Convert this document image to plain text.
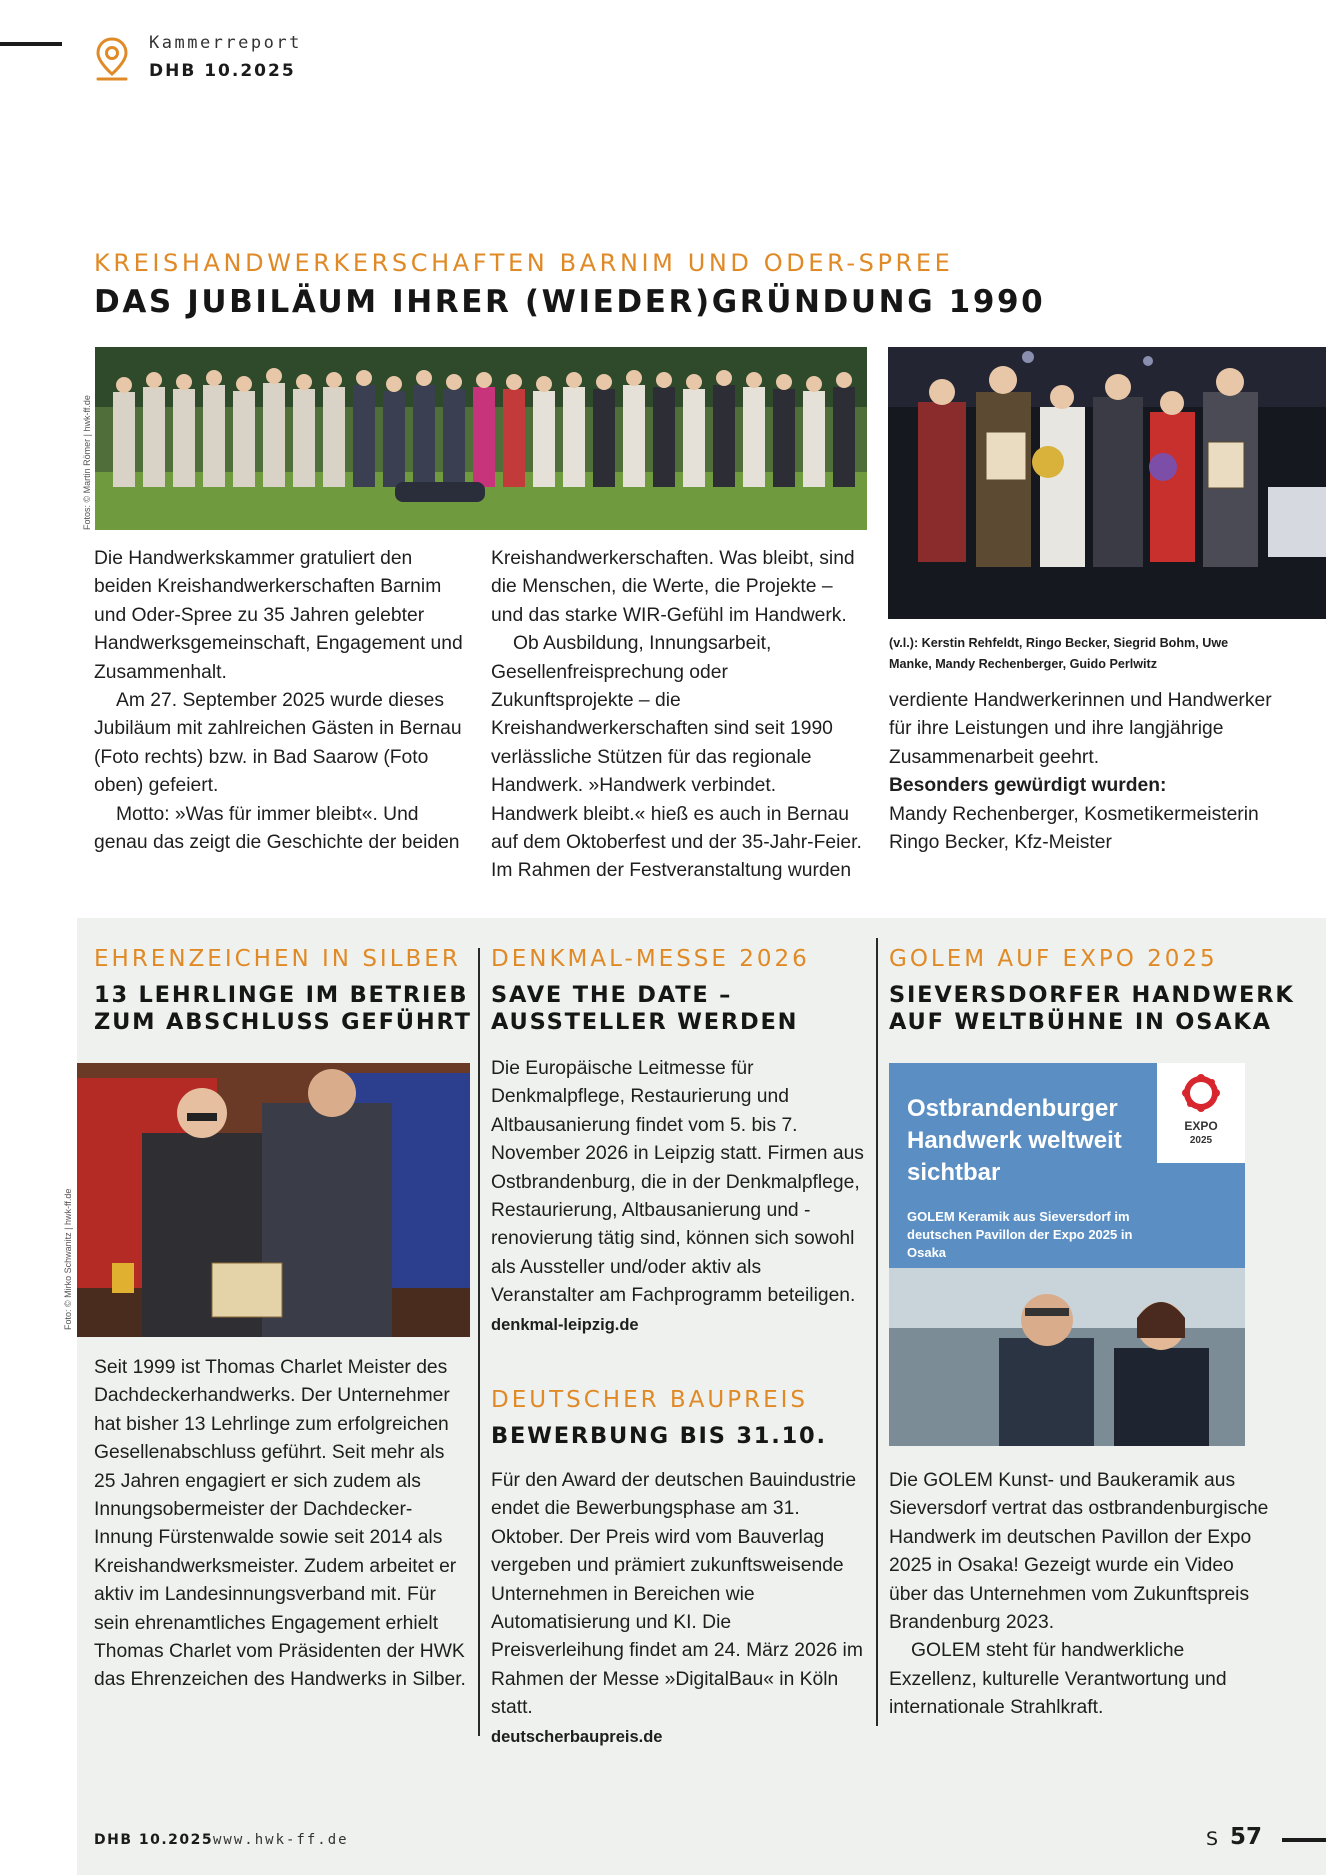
Kammerreport
DHB 10.2025
KREISHANDWERKERSCHAFTEN BARNIM UND ODER-SPREE
DAS JUBILÄUM IHRER (WIEDER)GRÜNDUNG 1990
Fotos: © Martin Römer | hwk-ff.de

Die Handwerkskammer gratuliert den beiden Kreishandwerkerschaften Barnim und Oder-Spree zu 35 Jahren gelebter Handwerksgemeinschaft, Engagement und Zusammenhalt.

Am 27. September 2025 wurde dieses Jubiläum mit zahlreichen Gästen in Bernau (Foto rechts) bzw. in Bad Saarow (Foto oben) gefeiert.

Motto: »Was für immer bleibt«. Und genau das zeigt die Geschichte der beiden

Kreishandwerkerschaften. Was bleibt, sind die Menschen, die Werte, die Projekte – und das starke WIR-Gefühl im Handwerk.

Ob Ausbildung, Innungsarbeit, Gesellenfreisprechung oder Zukunftsprojekte – die Kreishandwerkerschaften sind seit 1990 verlässliche Stützen für das regionale Handwerk. »Handwerk verbindet. Handwerk bleibt.« hieß es auch in Bernau auf dem Oktoberfest und der 35-Jahr-Feier. Im Rahmen der Festveranstaltung wurden

(v.l.): Kerstin Rehfeldt, Ringo Becker, Siegrid Bohm, Uwe Manke, Mandy Rechenberger, Guido Perlwitz

verdiente Handwerkerinnen und Handwerker für ihre Leistungen und ihre langjährige Zusammenarbeit geehrt.

Besonders gewürdigt wurden:

Mandy Rechenberger, Kosmetikermeisterin

Ringo Becker, Kfz-Meister

EHRENZEICHEN IN SILBER
13 LEHRLINGE IM BETRIEB
ZUM ABSCHLUSS GEFÜHRT
Foto: © Mirko Schwanitz | hwk-ff.de
Seit 1999 ist Thomas Charlet Meister des Dachdeckerhandwerks. Der Unternehmer hat bisher 13 Lehrlinge zum erfolgreichen Gesellenabschluss geführt. Seit mehr als 25 Jahren engagiert er sich zudem als Innungsobermeister der Dachdecker-Innung Fürstenwalde sowie seit 2014 als Kreishandwerksmeister. Zudem arbeitet er aktiv im Landesinnungsverband mit. Für sein ehrenamtliches Engagement erhielt Thomas Charlet vom Präsidenten der HWK das Ehrenzeichen des Handwerks in Silber.
DENKMAL-MESSE 2026
SAVE THE DATE –
AUSSTELLER WERDEN

Die Europäische Leitmesse für Denkmalpflege, Restaurierung und Altbausanierung findet vom 5. bis 7. November 2026 in Leipzig statt. Firmen aus Ostbrandenburg, die in der Denkmalpflege, Restaurierung, Altbausanierung und -renovierung tätig sind, können sich sowohl als Aussteller und/oder aktiv als Veranstalter am Fachprogramm beteiligen.

denkmal-leipzig.de

DEUTSCHER BAUPREIS
BEWERBUNG BIS 31.10.

Für den Award der deutschen Bauindustrie endet die Bewerbungsphase am 31. Oktober. Der Preis wird vom Bauverlag vergeben und prämiert zukunftsweisende Unternehmen in Bereichen wie Automatisierung und KI. Die Preisverleihung findet am 24. März 2026 im Rahmen der Messe »DigitalBau« in Köln statt.

deutscherbaupreis.de

GOLEM AUF EXPO 2025
SIEVERSDORFER HANDWERK
AUF WELTBÜHNE IN OSAKA
EXPO
2025
Ostbrandenburger Handwerk weltweit sichtbar
GOLEM Keramik aus Sieversdorf im deutschen Pavillon der Expo 2025 in Osaka

Die GOLEM Kunst- und Baukeramik aus Sieversdorf vertrat das ostbrandenburgische Handwerk im deutschen Pavillon der Expo 2025 in Osaka! Gezeigt wurde ein Video über das Unternehmen vom Zukunftspreis Brandenburg 2023.

GOLEM steht für handwerkliche Exzellenz, kulturelle Verantwortung und internationale Strahlkraft.

DHB 10.2025 www.hwk-ff.de	S 57
